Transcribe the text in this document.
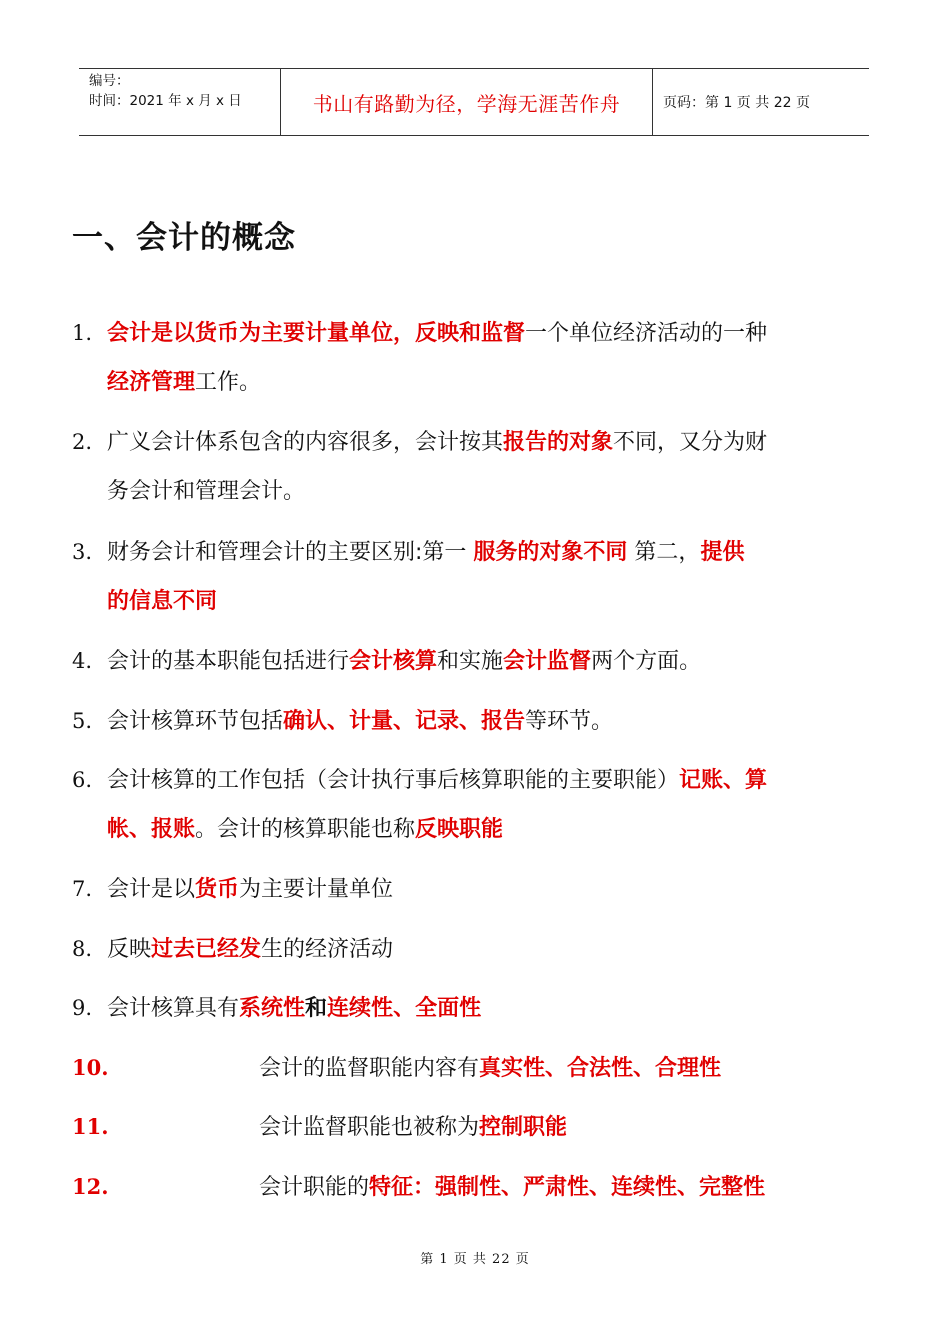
编号：
时间：2021 年 x 月 x 日	书山有路勤为径，学海无涯苦作舟	页码：第 1 页 共 22 页
一、会计的概念
1. 会计是以货币为主要计量单位，反映和监督一个单位经济活动的一种
经济管理工作。
2. 广义会计体系包含的内容很多，会计按其报告的对象不同，又分为财
务会计和管理会计。
3. 财务会计和管理会计的主要区别:第一 服务的对象不同 第二，提供
的信息不同
4. 会计的基本职能包括进行会计核算和实施会计监督两个方面。
5. 会计核算环节包括确认、计量、记录、报告等环节。
6. 会计核算的工作包括（会计执行事后核算职能的主要职能）记账、算
帐、报账。会计的核算职能也称反映职能
7. 会计是以货币为主要计量单位
8. 反映过去已经发生的经济活动
9. 会计核算具有系统性和连续性、全面性
10.	会计的监督职能内容有真实性、合法性、合理性
11.	会计监督职能也被称为控制职能
12.	会计职能的特征：强制性、严肃性、连续性、完整性
第 1 页 共 22 页
